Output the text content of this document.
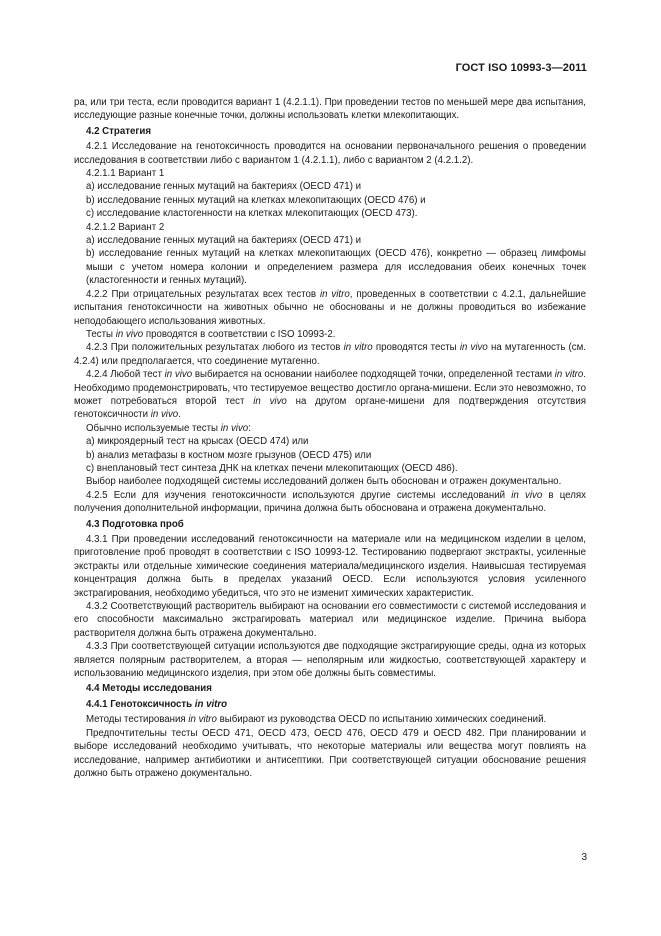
ГОСТ ISO 10993-3—2011

ра, или три теста, если проводится вариант 1 (4.2.1.1). При проведении тестов по меньшей мере два испытания, исследующие разные конечные точки, должны использовать клетки млекопитающих.

4.2 Стратегия

4.2.1 Исследование на генотоксичность проводится на основании первоначального решения о проведении исследования в соответствии либо с вариантом 1 (4.2.1.1), либо с вариантом 2 (4.2.1.2).

4.2.1.1 Вариант 1

a) исследование генных мутаций на бактериях (OECD 471) и

b) исследование генных мутаций на клетках млекопитающих (OECD 476) и

c) исследование кластогенности на клетках млекопитающих (OECD 473).

4.2.1.2 Вариант 2

a) исследование генных мутаций на бактериях (OECD 471) и

b) исследование генных мутаций на клетках млекопитающих (OECD 476), конкретно — образец лимфомы мыши с учетом номера колонии и определением размера для исследования обеих конечных точек (кластогенности и генных мутаций).

4.2.2 При отрицательных результатах всех тестов in vitro, проведенных в соответствии с 4.2.1, дальнейшие испытания генотоксичности на животных обычно не обоснованы и не должны проводиться во избежание неподобающего использования животных.

Тесты in vivo проводятся в соответствии с ISO 10993-2.

4.2.3 При положительных результатах любого из тестов in vitro проводятся тесты in vivo на мутагенность (см. 4.2.4) или предполагается, что соединение мутагенно.

4.2.4 Любой тест in vivo выбирается на основании наиболее подходящей точки, определенной тестами in vitro. Необходимо продемонстрировать, что тестируемое вещество достигло органа-мишени. Если это невозможно, то может потребоваться второй тест in vivo на другом органе-мишени для подтверждения отсутствия генотоксичности in vivo.

Обычно используемые тесты in vivo:

a) микроядерный тест на крысах (OECD 474) или

b) анализ метафазы в костном мозге грызунов (OECD 475) или

c) внеплановый тест синтеза ДНК на клетках печени млекопитающих (OECD 486).

Выбор наиболее подходящей системы исследований должен быть обоснован и отражен документально.

4.2.5 Если для изучения генотоксичности используются другие системы исследований in vivo в целях получения дополнительной информации, причина должна быть обоснована и отражена документально.

4.3 Подготовка проб

4.3.1 При проведении исследований генотоксичности на материале или на медицинском изделии в целом, приготовление проб проводят в соответствии с ISO 10993-12. Тестированию подвергают экстракты, усиленные экстракты или отдельные химические соединения материала/медицинского изделия. Наивысшая тестируемая концентрация должна быть в пределах указаний OECD. Если используются условия усиленного экстрагирования, необходимо убедиться, что это не изменит химических характеристик.

4.3.2 Соответствующий растворитель выбирают на основании его совместимости с системой исследования и его способности максимально экстрагировать материал или медицинское изделие. Причина выбора растворителя должна быть отражена документально.

4.3.3 При соответствующей ситуации используются две подходящие экстрагирующие среды, одна из которых является полярным растворителем, а вторая — неполярным или жидкостью, соответствующей характеру и использованию медицинского изделия, при этом обе должны быть совместимы.

4.4 Методы исследования

4.4.1 Генотоксичность in vitro

Методы тестирования in vitro выбирают из руководства OECD по испытанию химических соединений.

Предпочтительны тесты OECD 471, OECD 473, OECD 476, OECD 479 и OECD 482. При планировании и выборе исследований необходимо учитывать, что некоторые материалы или вещества могут повлиять на исследование, например антибиотики и антисептики. При соответствующей ситуации обоснование решения должно быть отражено документально.

3
